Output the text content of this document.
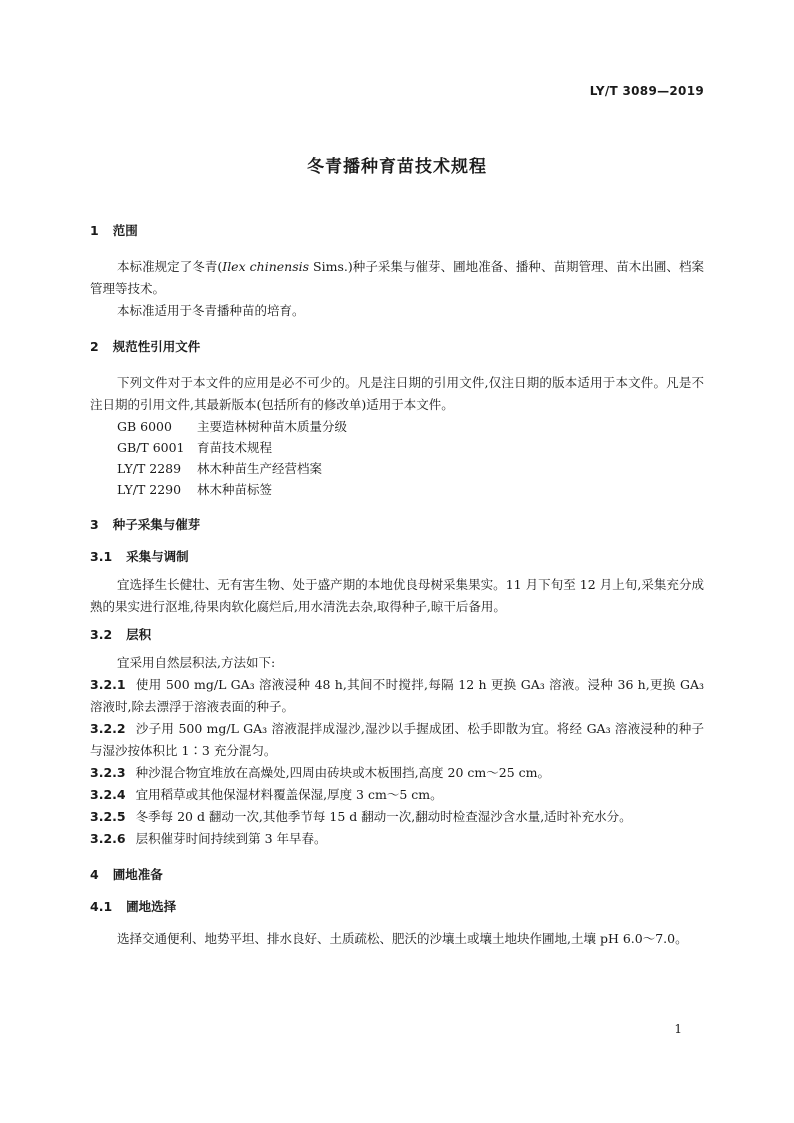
LY/T 3089—2019
冬青播种育苗技术规程
1 范围

本标准规定了冬青(Ilex chinensis Sims.)种子采集与催芽、圃地准备、播种、苗期管理、苗木出圃、档案管理等技术。

本标准适用于冬青播种苗的培育。

2 规范性引用文件

下列文件对于本文件的应用是必不可少的。凡是注日期的引用文件,仅注日期的版本适用于本文件。凡是不注日期的引用文件,其最新版本(包括所有的修改单)适用于本文件。

GB 6000 主要造林树种苗木质量分级
GB/T 6001 育苗技术规程
LY/T 2289 林木种苗生产经营档案
LY/T 2290 林木种苗标签
3 种子采集与催芽
3.1 采集与调制

宜选择生长健壮、无有害生物、处于盛产期的本地优良母树采集果实。11 月下旬至 12 月上旬,采集充分成熟的果实进行沤堆,待果肉软化腐烂后,用水清洗去杂,取得种子,晾干后备用。

3.2 层积

宜采用自然层积法,方法如下:

3.2.1 使用 500 mg/L GA₃ 溶液浸种 48 h,其间不时搅拌,每隔 12 h 更换 GA₃ 溶液。浸种 36 h,更换 GA₃ 溶液时,除去漂浮于溶液表面的种子。

3.2.2 沙子用 500 mg/L GA₃ 溶液混拌成湿沙,湿沙以手握成团、松手即散为宜。将经 GA₃ 溶液浸种的种子与湿沙按体积比 1∶3 充分混匀。

3.2.3 种沙混合物宜堆放在高燥处,四周由砖块或木板围挡,高度 20 cm～25 cm。

3.2.4 宜用稻草或其他保湿材料覆盖保湿,厚度 3 cm～5 cm。

3.2.5 冬季每 20 d 翻动一次,其他季节每 15 d 翻动一次,翻动时检查湿沙含水量,适时补充水分。

3.2.6 层积催芽时间持续到第 3 年早春。

4 圃地准备
4.1 圃地选择

选择交通便利、地势平坦、排水良好、土质疏松、肥沃的沙壤土或壤土地块作圃地,土壤 pH 6.0～7.0。

1
